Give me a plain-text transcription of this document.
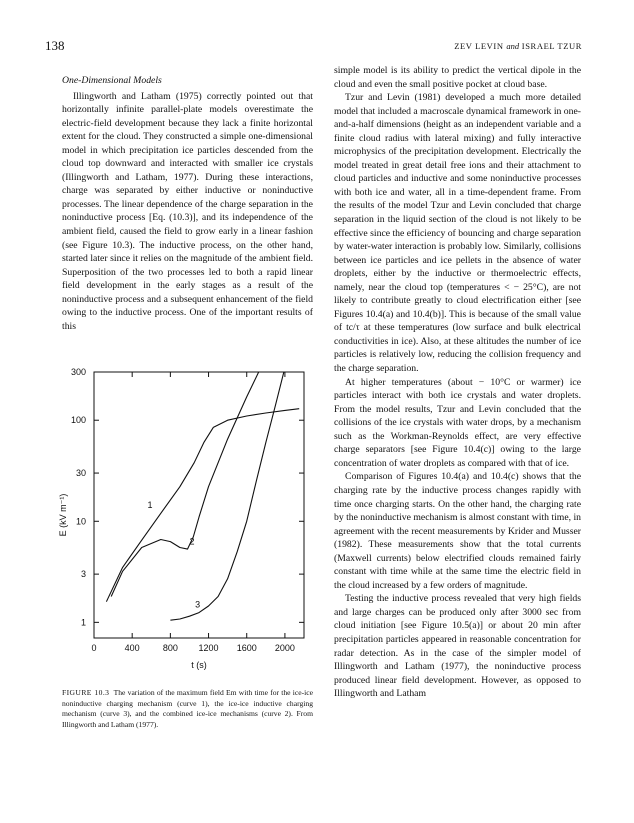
138	ZEV LEVIN and ISRAEL TZUR

One-Dimensional Models

Illingworth and Latham (1975) correctly pointed out that horizontally infinite parallel-plate models overestimate the electric-field development because they lack a finite horizontal extent for the cloud. They constructed a simple one-dimensional model in which precipitation ice particles descended from the cloud top downward and interacted with smaller ice crystals (Illingworth and Latham, 1977). During these interactions, charge was separated by either inductive or noninductive processes. The linear dependence of the charge separation in the noninductive process [Eq. (10.3)], and its independence of the ambient field, caused the field to grow early in a linear fashion (see Figure 10.3). The inductive process, on the other hand, started later since it relies on the magnitude of the ambient field. Superposition of the two processes led to both a rapid linear field development in the early stages as a result of the noninductive process and a subsequent enhancement of the field owing to the inductive process. One of the important results of this

1
2
3
0	400	800 1200 1600 2000
1
3
10
30
100
300
t (s)
E (kV m⁻¹)
FIGURE 10.3 The variation of the maximum field Em with time for the ice-ice noninductive charging mechanism (curve 1), the ice-ice inductive charging mechanism (curve 3), and the combined ice-ice mechanisms (curve 2). From Illingworth and Latham (1977).

simple model is its ability to predict the vertical dipole in the cloud and even the small positive pocket at cloud base.

Tzur and Levin (1981) developed a much more detailed model that included a macroscale dynamical framework in one-and-a-half dimensions (height as an independent variable and a finite cloud radius with lateral mixing) and fully interactive microphysics of the precipitation development. Electrically the model treated in great detail free ions and their attachment to cloud particles and inductive and some noninductive processes with both ice and water, all in a time-dependent frame. From the results of the model Tzur and Levin concluded that charge separation in the liquid section of the cloud is not likely to be effective since the efficiency of bouncing and charge separation by water-water interaction is probably low. Similarly, collisions between ice particles and ice pellets in the absence of water droplets, either by the inductive or thermoelectric effects, namely, near the cloud top (temperatures < − 25°C), are not likely to contribute greatly to cloud electrification either [see Figures 10.4(a) and 10.4(b)]. This is because of the small value of tc/τ at these temperatures (low surface and bulk electrical conductivities in ice). Also, at these altitudes the number of ice particles is relatively low, reducing the collision frequency and the charge separation.

At higher temperatures (about − 10°C or warmer) ice particles interact with both ice crystals and water droplets. From the model results, Tzur and Levin concluded that the collisions of the ice crystals with water drops, by a mechanism such as the Workman-Reynolds effect, are very effective charge separators [see Figure 10.4(c)] owing to the large concentration of water droplets as compared with that of ice.

Comparison of Figures 10.4(a) and 10.4(c) shows that the charging rate by the inductive process changes rapidly with time once charging starts. On the other hand, the charging rate by the noninductive mechanism is almost constant with time, in agreement with the recent measurements by Krider and Musser (1982). These measurements show that the total currents (Maxwell currents) below electrified clouds remained fairly constant with time while at the same time the electric field in the cloud increased by a few orders of magnitude.

Testing the inductive process revealed that very high fields and large charges can be produced only after 3000 sec from cloud initiation [see Figure 10.5(a)] or about 20 min after precipitation particles appeared in reasonable concentration for radar detection. As in the case of the simpler model of Illingworth and Latham (1977), the noninductive process produced linear field development. However, as opposed to Illingworth and Latham
